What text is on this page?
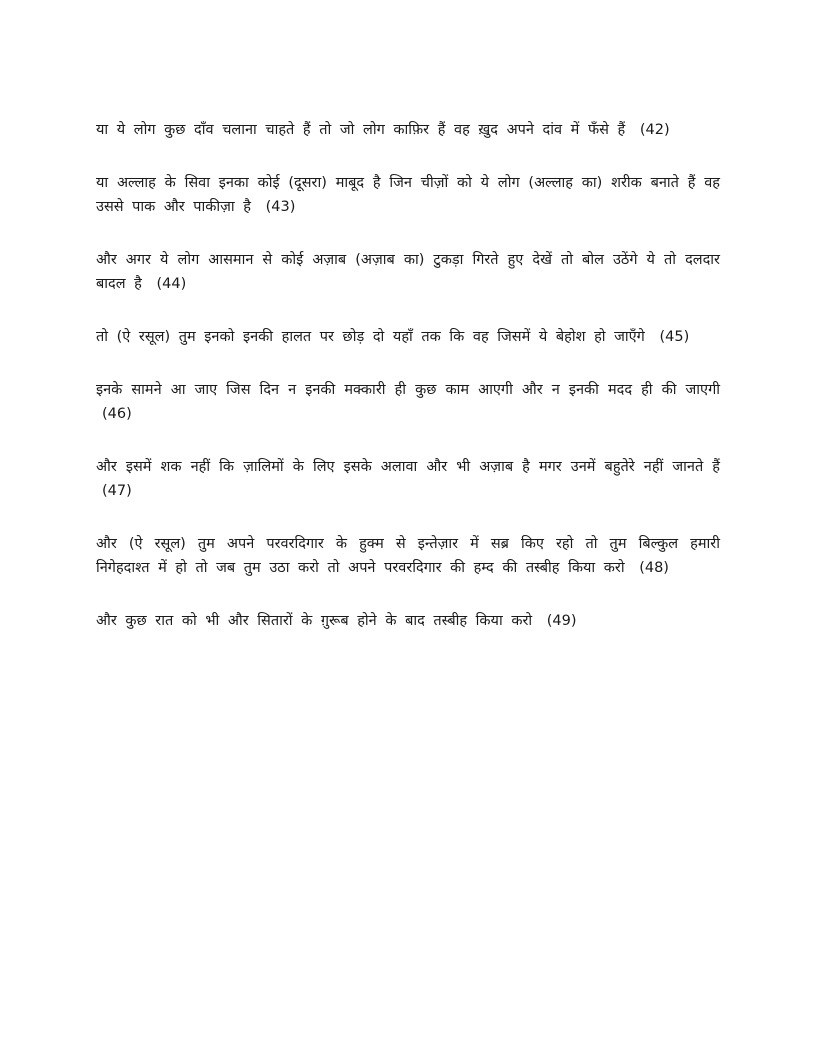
या ये लोग कुछ दाँव चलाना चाहते हैं तो जो लोग काफ़िर हैं वह ख़ुद अपने दांव में फँसे हैं (42)

या अल्लाह के सिवा इनका कोई (दूसरा) माबूद है जिन चीज़ों को ये लोग (अल्लाह का) शरीक बनाते हैं वह उससे पाक और पाकीज़ा है (43)

और अगर ये लोग आसमान से कोई अज़ाब (अज़ाब का) टुकड़ा गिरते हुए देखें तो बोल उठेंगे ये तो दलदार बादल है (44)

तो (ऐ रसूल) तुम इनको इनकी हालत पर छोड़ दो यहाँ तक कि वह जिसमें ये बेहोश हो जाएँगे (45)

इनके सामने आ जाए जिस दिन न इनकी मक्कारी ही कुछ काम आएगी और न इनकी मदद ही की जाएगी (46)

और इसमें शक नहीं कि ज़ालिमों के लिए इसके अलावा और भी अज़ाब है मगर उनमें बहुतेरे नहीं जानते हैं (47)

और (ऐ रसूल) तुम अपने परवरदिगार के हुक्म से इन्तेज़ार में सब्र किए रहो तो तुम बिल्कुल हमारी निगेहदाश्त में हो तो जब तुम उठा करो तो अपने परवरदिगार की हम्द की तस्बीह किया करो (48)

और कुछ रात को भी और सितारों के ग़ुरूब होने के बाद तस्बीह किया करो (49)
